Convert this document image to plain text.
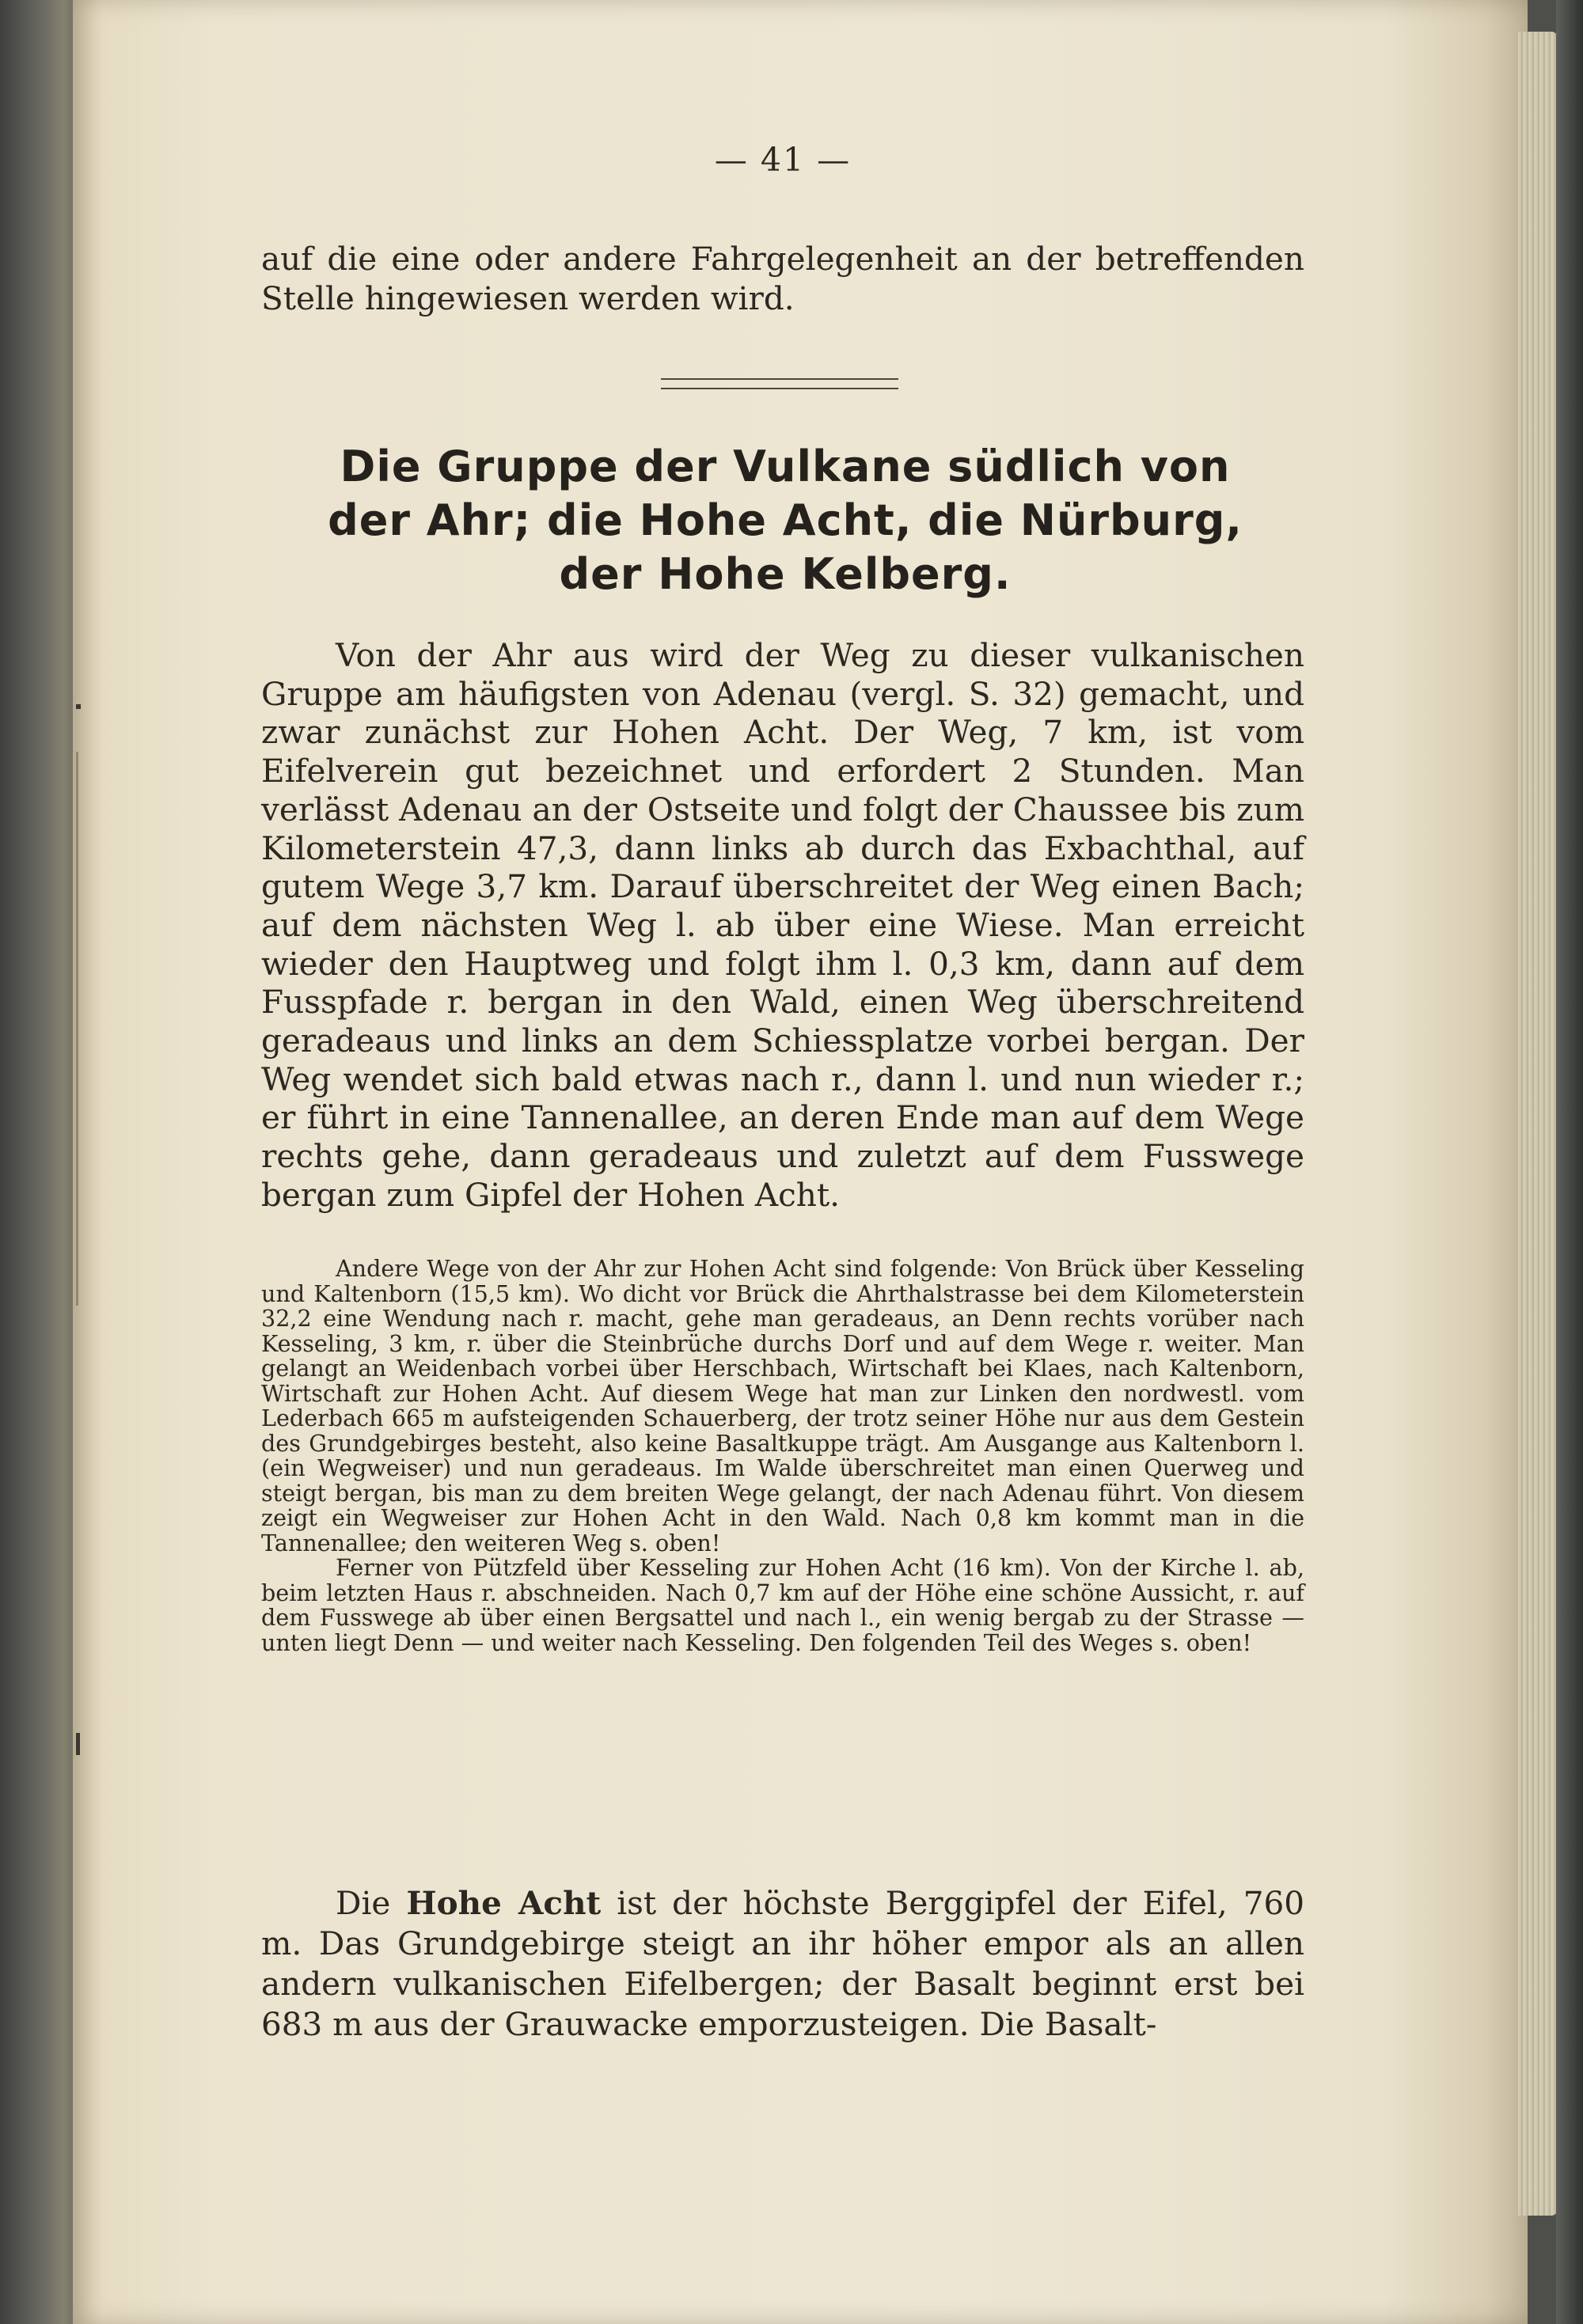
— 41 —
auf die eine oder andere Fahrgelegenheit an der betreffenden Stelle hingewiesen werden wird.
Die Gruppe der Vulkane südlich von
der Ahr; die Hohe Acht, die Nürburg,
der Hohe Kelberg.

Von der Ahr aus wird der Weg zu dieser vulkanischen Gruppe am häufigsten von Adenau (vergl. S. 32) gemacht, und zwar zunächst zur Hohen Acht. Der Weg, 7 km, ist vom Eifelverein gut bezeichnet und erfordert 2 Stunden. Man verlässt Adenau an der Ostseite und folgt der Chaussee bis zum Kilometerstein 47,3, dann links ab durch das Exbachthal, auf gutem Wege 3,7 km. Darauf überschreitet der Weg einen Bach; auf dem nächsten Weg l. ab über eine Wiese. Man erreicht wieder den Hauptweg und folgt ihm l. 0,3 km, dann auf dem Fusspfade r. bergan in den Wald, einen Weg überschreitend geradeaus und links an dem Schiessplatze vorbei bergan. Der Weg wendet sich bald etwas nach r., dann l. und nun wieder r.; er führt in eine Tannenallee, an deren Ende man auf dem Wege rechts gehe, dann geradeaus und zuletzt auf dem Fusswege bergan zum Gipfel der Hohen Acht.

Andere Wege von der Ahr zur Hohen Acht sind folgende: Von Brück über Kesseling und Kaltenborn (15,5 km). Wo dicht vor Brück die Ahrthalstrasse bei dem Kilometerstein 32,2 eine Wendung nach r. macht, gehe man geradeaus, an Denn rechts vorüber nach Kesseling, 3 km, r. über die Steinbrüche durchs Dorf und auf dem Wege r. weiter. Man gelangt an Weidenbach vorbei über Herschbach, Wirtschaft bei Klaes, nach Kaltenborn, Wirtschaft zur Hohen Acht. Auf diesem Wege hat man zur Linken den nordwestl. vom Lederbach 665 m aufsteigenden Schauerberg, der trotz seiner Höhe nur aus dem Gestein des Grundgebirges besteht, also keine Basaltkuppe trägt. Am Ausgange aus Kaltenborn l. (ein Wegweiser) und nun geradeaus. Im Walde überschreitet man einen Querweg und steigt bergan, bis man zu dem breiten Wege gelangt, der nach Adenau führt. Von diesem zeigt ein Wegweiser zur Hohen Acht in den Wald. Nach 0,8 km kommt man in die Tannenallee; den weiteren Weg s. oben!

Ferner von Pützfeld über Kesseling zur Hohen Acht (16 km). Von der Kirche l. ab, beim letzten Haus r. abschneiden. Nach 0,7 km auf der Höhe eine schöne Aussicht, r. auf dem Fusswege ab über einen Bergsattel und nach l., ein wenig bergab zu der Strasse — unten liegt Denn — und weiter nach Kesseling. Den folgenden Teil des Weges s. oben!

Die Hohe Acht ist der höchste Berggipfel der Eifel, 760 m. Das Grundgebirge steigt an ihr höher empor als an allen andern vulkanischen Eifelbergen; der Basalt beginnt erst bei 683 m aus der Grauwacke emporzusteigen. Die Basalt-
